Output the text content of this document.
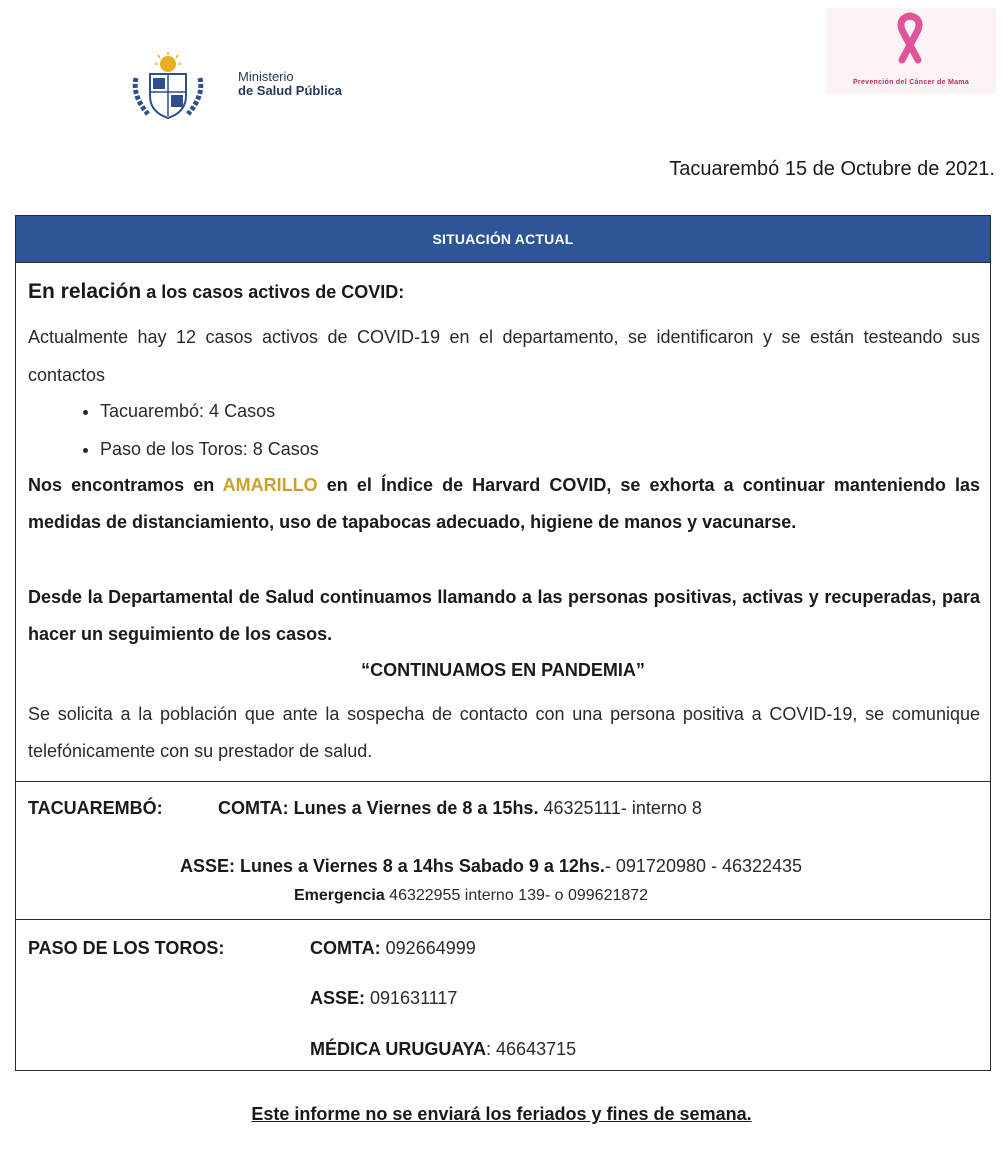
Ministerio
de Salud Pública
Prevención del Cáncer de Mama
Tacuarembó 15 de Octubre de 2021.
SITUACIÓN ACTUAL
En relación a los casos activos de COVID:
Actualmente hay 12 casos activos de COVID-19 en el departamento, se identificaron y se están testeando sus contactos
• Tacuarembó: 4 Casos
• Paso de los Toros: 8 Casos
Nos encontramos en AMARILLO en el Índice de Harvard COVID, se exhorta a continuar manteniendo las medidas de distanciamiento, uso de tapabocas adecuado, higiene de manos y vacunarse.
Desde la Departamental de Salud continuamos llamando a las personas positivas, activas y recuperadas, para hacer un seguimiento de los casos.
“CONTINUAMOS EN PANDEMIA”
Se solicita a la población que ante la sospecha de contacto con una persona positiva a COVID-19, se comunique telefónicamente con su prestador de salud.
TACUAREMBÓ:	COMTA: Lunes a Viernes de 8 a 15hs. 46325111- interno 8
ASSE: Lunes a Viernes 8 a 14hs Sabado 9 a 12hs.- 091720980 - 46322435
Emergencia 46322955 interno 139- o 099621872
PASO DE LOS TOROS:	COMTA: 092664999
ASSE: 091631117
MÉDICA URUGUAYA: 46643715
Este informe no se enviará los feriados y fines de semana.
